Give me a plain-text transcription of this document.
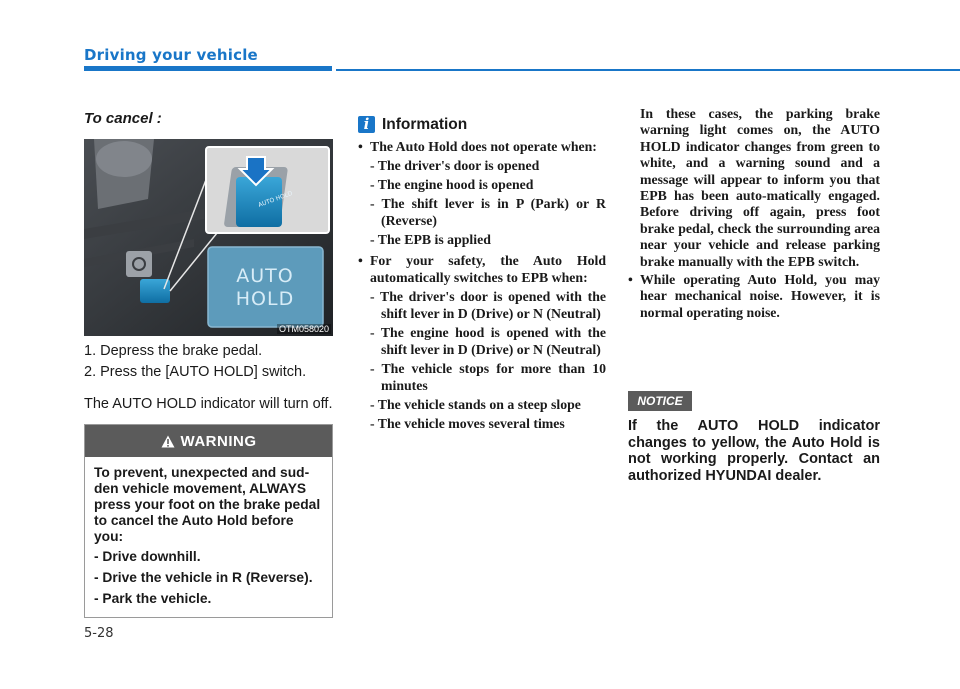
Driving your vehicle
To cancel :
AUTO HOLD
AUTO
HOLD
OTM058020
1. Depress the brake pedal.
2. Press the [AUTO HOLD] switch.

The AUTO HOLD indicator will turn off.

WARNING

To prevent, unexpected and sud-den vehicle movement, ALWAYS press your foot on the brake pedal to cancel the Auto Hold before you:

- Drive downhill.
- Drive the vehicle in R (Reverse).
- Park the vehicle.

5-28

i Information
• The Auto Hold does not operate when:
- The driver's door is opened
- The engine hood is opened
- The shift lever is in P (Park) or R (Reverse)
- The EPB is applied
• For your safety, the Auto Hold automatically switches to EPB when:
- The driver's door is opened with the shift lever in D (Drive) or N (Neutral)
- The engine hood is opened with the shift lever in D (Drive) or N (Neutral)
- The vehicle stops for more than 10 minutes
- The vehicle stands on a steep slope
- The vehicle moves several times

In these cases, the parking brake warning light comes on, the AUTO HOLD indicator changes from green to white, and a warning sound and a message will appear to inform you that EPB has been auto-matically engaged. Before driving off again, press foot brake pedal, check the surrounding area near your vehicle and release parking brake manually with the EPB switch.

• While operating Auto Hold, you may hear mechanical noise. However, it is normal operating noise.
NOTICE

If the AUTO HOLD indicator changes to yellow, the Auto Hold is not working properly. Contact an authorized HYUNDAI dealer.
